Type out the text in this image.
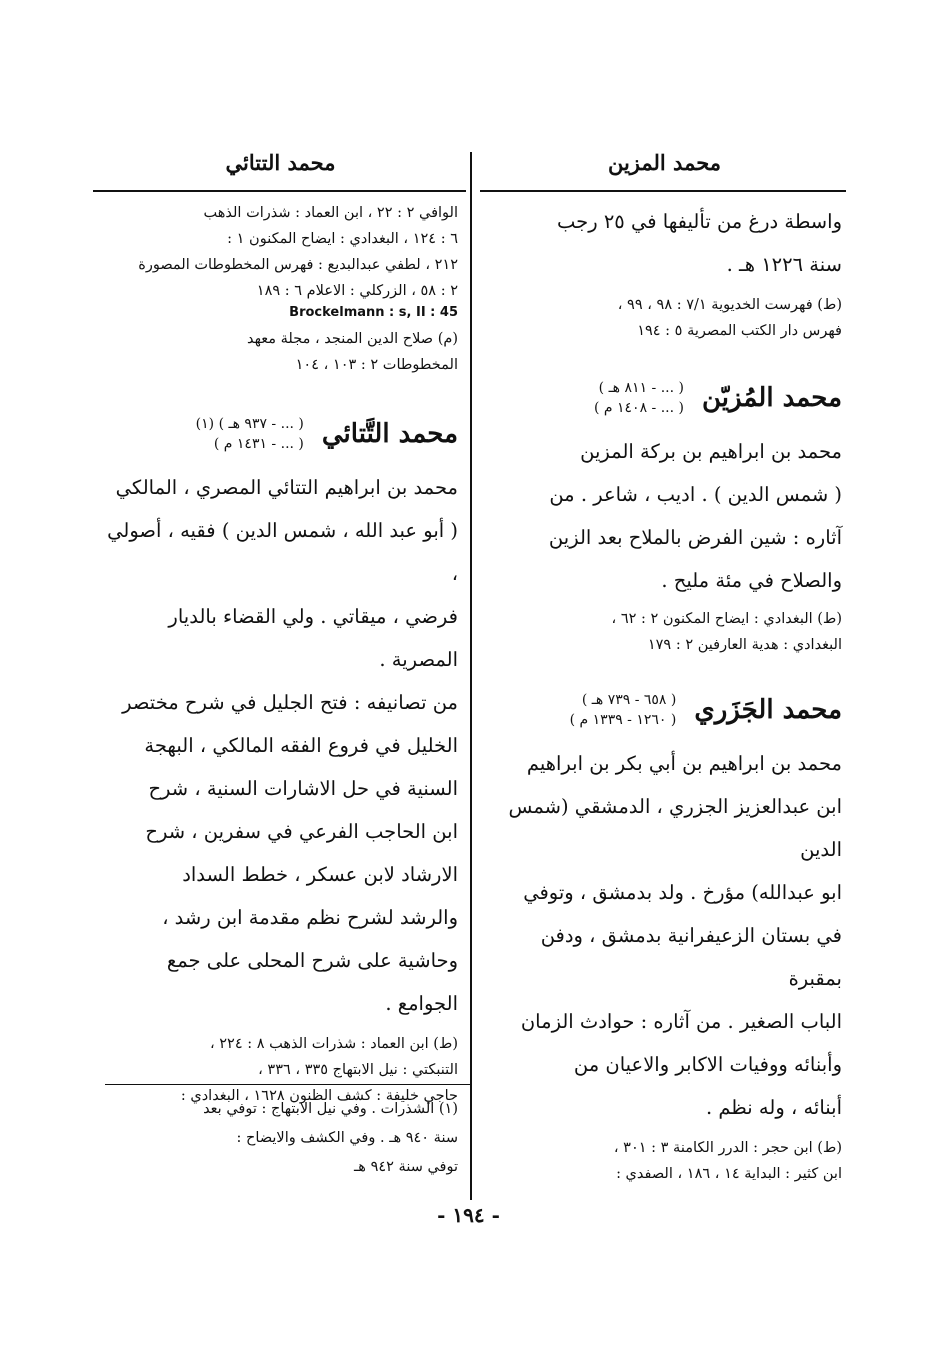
محمد المزين
محمد التتائي

واسطة درغ من تأليفها في ٢٥ رجب

سنة ١٢٢٦ هـ .

(ط) فهرست الخديوية ٧/١ : ٩٨ ، ٩٩ ،

فهرس دار الكتب المصرية ٥ : ١٩٤

محمد المُزيّن
( ... - ٨١١ هـ )
( ... - ١٤٠٨ م )

محمد بن ابراهيم بن بركة المزين

( شمس الدين ) . اديب ، شاعر . من

آثاره : شين الفرض بالملاح بعد الزين

والصلاح في مئة مليح .

(ط) البغدادي : ايضاح المكنون ٢ : ٦٢ ،

البغدادي : هدية العارفين ٢ : ١٧٩

محمد الجَزَري
( ٦٥٨ - ٧٣٩ هـ )
( ١٢٦٠ - ١٣٣٩ م )

محمد بن ابراهيم بن أبي بكر بن ابراهيم

ابن عبدالعزيز الجزري ، الدمشقي (شمس الدين

ابو عبدالله) مؤرخ . ولد بدمشق ، وتوفي

في بستان الزعيفرانية بدمشق ، ودفن بمقبرة

الباب الصغير . من آثاره : حوادث الزمان

وأبنائه ووفيات الاكابر والاعيان من

أبنائه ، وله نظم .

(ط) ابن حجر : الدرر الكامنة ٣ : ٣٠١ ،

ابن كثير : البداية ١٤ ، ١٨٦ ، الصفدي :

الوافي ٢ : ٢٢ ، ابن العماد : شذرات الذهب

٦ : ١٢٤ ، البغدادي : ايضاح المكنون ١ :

٢١٢ ، لطفي عبدالبديع : فهرس المخطوطات المصورة

٢ : ٥٨ ، الزركلي : الاعلام ٦ : ١٨٩

Brockelmann : s, II : 45

(م) صلاح الدين المنجد ، مجلة معهد

المخطوطات ٢ : ١٠٣ ، ١٠٤

محمد التَّتائي
( ... - ٩٣٧ هـ ) (١)
( ... - ١٤٣١ م )

محمد بن ابراهيم التتائي المصري ، المالكي

( أبو عبد الله ، شمس الدين ) فقيه ، أصولي ،

فرضي ، ميقاتي . ولي القضاء بالديار المصرية .

من تصانيفه : فتح الجليل في شرح مختصر

الخليل في فروع الفقه المالكي ، البهجة

السنية في حل الاشارات السنية ، شرح

ابن الحاجب الفرعي في سفرين ، شرح

الارشاد لابن عسكر ، خطط السداد

والرشد لشرح نظم مقدمة ابن رشد ،

وحاشية على شرح المحلى على جمع الجوامع .

(ط) ابن العماد : شذرات الذهب ٨ : ٢٢٤ ،

التنبكتي : نيل الابتهاج ٣٣٥ ، ٣٣٦ ،

حاجي خليفة : كشف الظنون ١٦٢٨ ، البغدادي :

(١) الشذرات . وفي نيل الابتهاج : توفي بعد

سنة ٩٤٠ هـ . وفي الكشف والايضاح :

توفي سنة ٩٤٢ هـ

- ١٩٤ -
